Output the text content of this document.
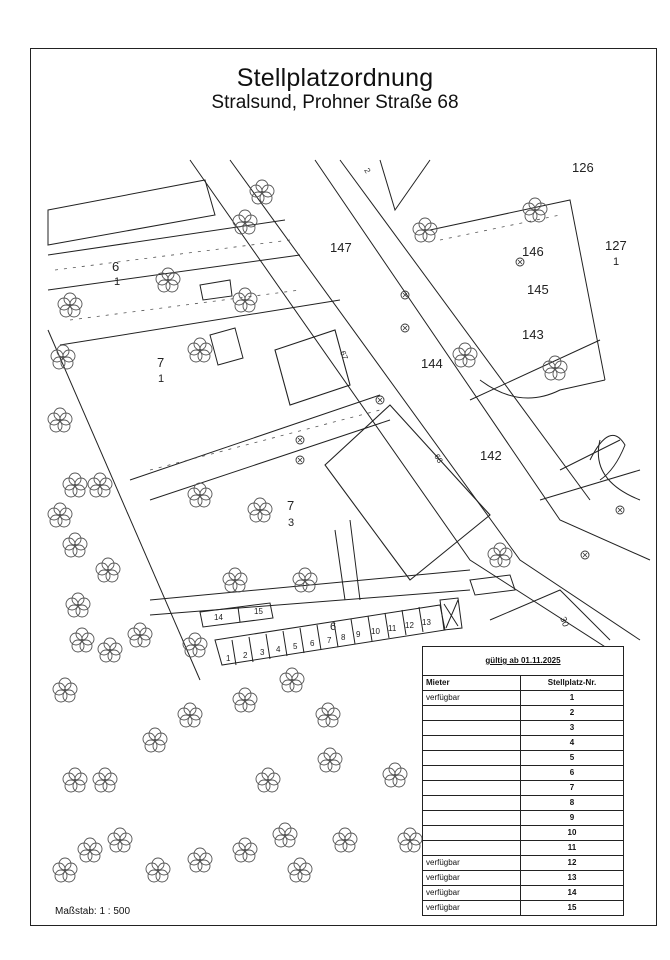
Stellplatzordnung
Stralsund, Prohner Straße 68
126
127
1
147	146
145
143
144
142
6
1
7
1
7
3
67
68
2
30
6
1 2 3 4 5 6 7 8 9 10 11 12 13
14
15
Maßstab: 1 : 500
gültig ab 01.11.2025
Mieter	Stellplatz-Nr.
verfügbar	1
	2
	3
	4
	5
	6
	7
	8
	9
	10
	11
verfügbar	12
verfügbar	13
verfügbar	14
verfügbar	15
